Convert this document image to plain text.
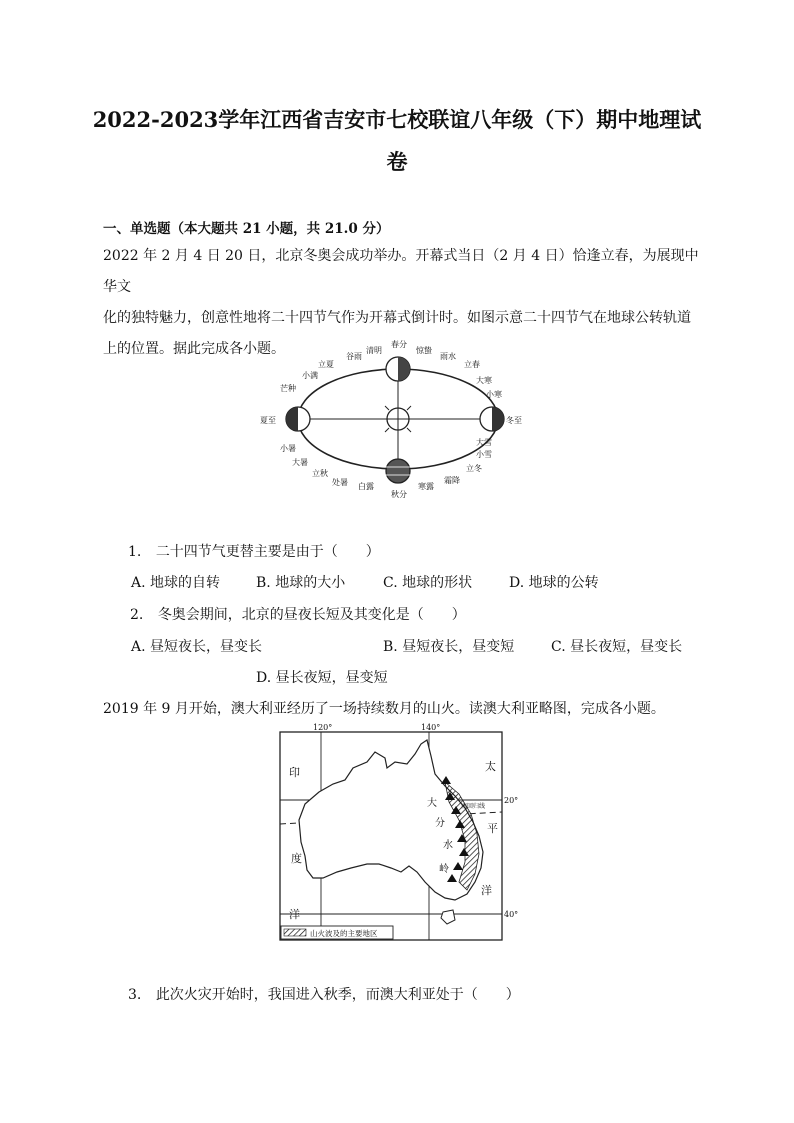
2022-2023学年江西省吉安市七校联谊八年级（下）期中地理试
卷
一、单选题（本大题共 21 小题，共 21.0 分）
2022 年 2 月 4 日 20 日，北京冬奥会成功举办。开幕式当日（2 月 4 日）恰逢立春，为展现中华文
化的独特魅力，创意性地将二十四节气作为开幕式倒计时。如图示意二十四节气在地球公转轨道
上的位置。据此完成各小题。	春分
惊蛰
雨水
立春
谷雨
清明
立夏
小满
芒种
夏至
小暑
大暑
立秋
处暑 白露
秋分
寒露
霜降
立冬
小雪
大雪
冬至
小寒
大寒
1. 二十四节气更替主要是由于（　　）
A. 地球的自转	B. 地球的大小	C. 地球的形状	D. 地球的公转
2. 冬奥会期间，北京的昼夜长短及其变化是（　　）
A. 昼短夜长，昼变长	B. 昼短夜长，昼变短	C. 昼长夜短，昼变长
D. 昼长夜短，昼变短
2019 年 9 月开始，澳大利亚经历了一场持续数月的山火。读澳大利亚略图，完成各小题。
120°	140°
20°
40°
南回归线
印
度
洋
太
平
洋
大
分
水
岭
山火波及的主要地区
3. 此次火灾开始时，我国进入秋季，而澳大利亚处于（　　）
